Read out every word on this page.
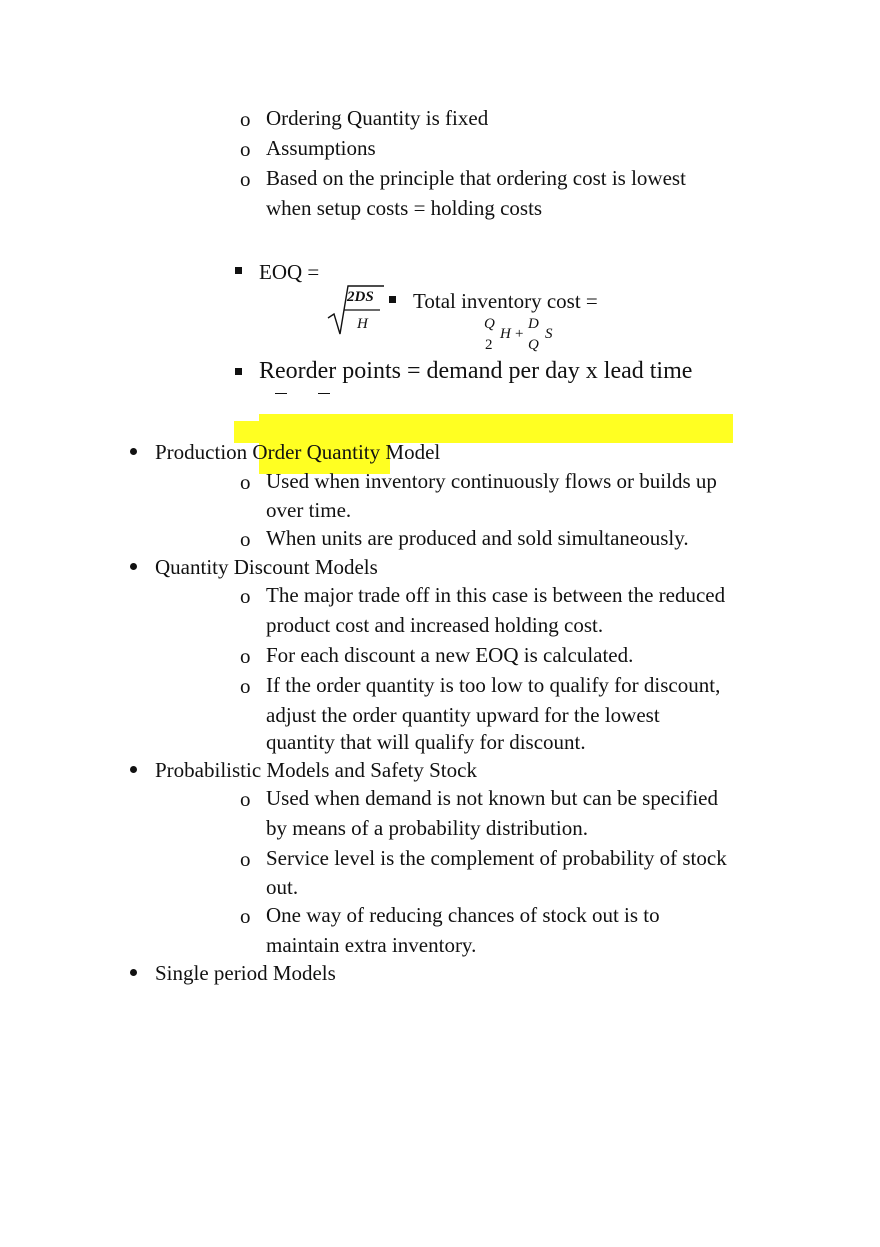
o Ordering Quantity is fixed
o Assumptions
o Based on the principle that ordering cost is lowest
when setup costs = holding costs
EOQ =
2DS
H
Total inventory cost =
Q
2
H +
D
Q
S
Reorder points = demand per day x lead time
Production Order Quantity Model
o Used when inventory continuously flows or builds up
over time.
o When units are produced and sold simultaneously.
Quantity Discount Models
o The major trade off in this case is between the reduced
product cost and increased holding cost.
o For each discount a new EOQ is calculated.
o If the order quantity is too low to qualify for discount,
adjust the order quantity upward for the lowest
quantity that will qualify for discount.
Probabilistic Models and Safety Stock
o Used when demand is not known but can be specified
by means of a probability distribution.
o Service level is the complement of probability of stock
out.
o One way of reducing chances of stock out is to
maintain extra inventory.
Single period Models
